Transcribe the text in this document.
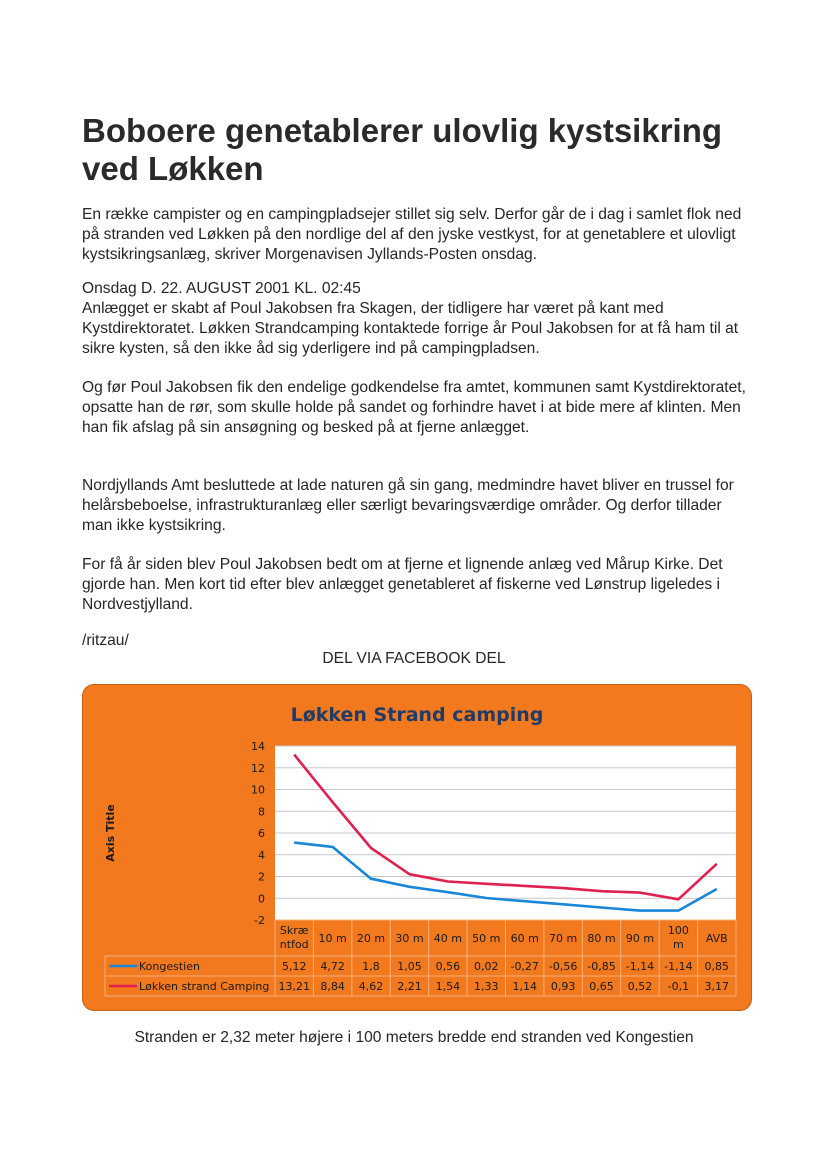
Boboere genetablerer ulovlig kystsikring ved Løkken

En række campister og en campingpladsejer stillet sig selv. Derfor går de i dag i samlet flok ned på stranden ved Løkken på den nordlige del af den jyske vestkyst, for at genetablere et ulovligt kystsikringsanlæg, skriver Morgenavisen Jyllands-Posten onsdag.

Onsdag D. 22. AUGUST 2001 KL. 02:45

Anlægget er skabt af Poul Jakobsen fra Skagen, der tidligere har været på kant med Kystdirektoratet. Løkken Strandcamping kontaktede forrige år Poul Jakobsen for at få ham til at sikre kysten, så den ikke åd sig yderligere ind på campingpladsen.

Og før Poul Jakobsen fik den endelige godkendelse fra amtet, kommunen samt Kystdirektoratet, opsatte han de rør, som skulle holde på sandet og forhindre havet i at bide mere af klinten. Men han fik afslag på sin ansøgning og besked på at fjerne anlægget.

Nordjyllands Amt besluttede at lade naturen gå sin gang, medmindre havet bliver en trussel for helårsbeboelse, infrastrukturanlæg eller særligt bevaringsværdige områder. Og derfor tillader man ikke kystsikring.

For få år siden blev Poul Jakobsen bedt om at fjerne et lignende anlæg ved Mårup Kirke. Det gjorde han. Men kort tid efter blev anlægget genetableret af fiskerne ved Lønstrup ligeledes i Nordvestjylland.

/ritzau/

DEL VIA FACEBOOK DEL
Løkken Strand camping
14
12
10
8
6
4
2
0
-2
Axis Title
Skræ
ntfod 10 m 20 m 30 m 40 m 50 m 60 m 70 m 80 m 90 m
100
m AVB
Kongestien	5,12 4,72 1,8 1,05 0,56 0,02 -0,27 -0,56 -0,85 -1,14 -1,14 0,85
Løkken strand Camping 13,21 8,84 4,62 2,21 1,54 1,33 1,14 0,93 0,65 0,52 -0,1 3,17
Stranden er 2,32 meter højere i 100 meters bredde end stranden ved Kongestien
